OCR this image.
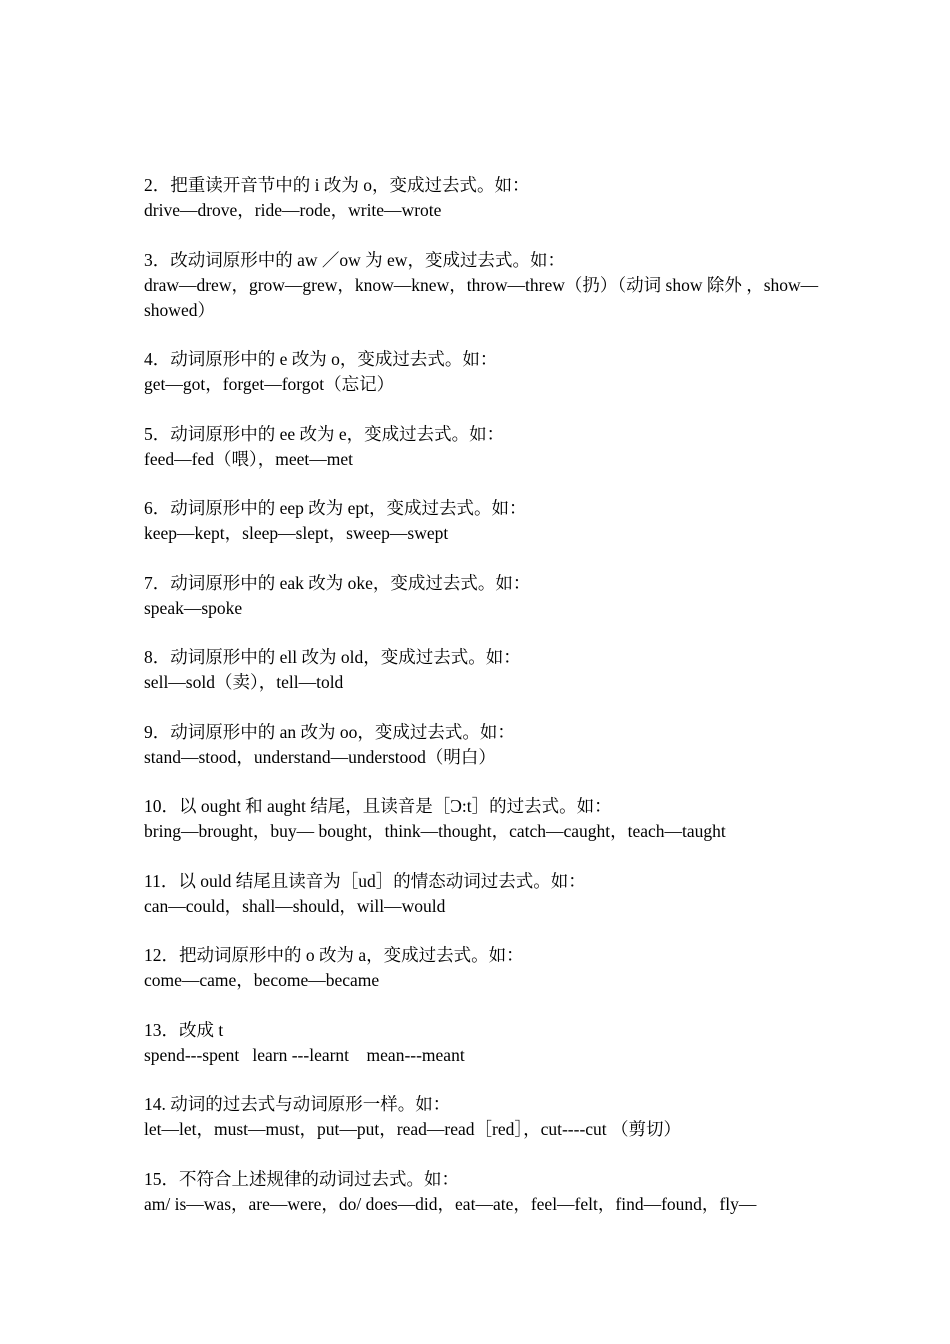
2．把重读开音节中的 i 改为 o，变成过去式。如：
drive—drove，ride—rode，write—wrote
3．改动词原形中的 aw ／ow 为 ew，变成过去式。如：
draw—drew，grow—grew，know—knew，throw—threw（扔）（动词 show 除外 ，show—showed）
4．动词原形中的 e 改为 o，变成过去式。如：
get—got，forget—forgot（忘记）
5．动词原形中的 ee 改为 e，变成过去式。如：
feed—fed（喂），meet—met
6．动词原形中的 eep 改为 ept，变成过去式。如：
keep—kept，sleep—slept，sweep—swept
7．动词原形中的 eak 改为 oke，变成过去式。如：
speak—spoke
8．动词原形中的 ell 改为 old，变成过去式。如：
sell—sold（卖），tell—told
9．动词原形中的 an 改为 oo，变成过去式。如：
stand—stood，understand—understood（明白）
10．以 ought 和 aught 结尾，且读音是［Ɔ:t］的过去式。如：
bring—brought，buy— bought，think—thought，catch—caught，teach—taught
11．以 ould 结尾且读音为［ud］的情态动词过去式。如：
can—could，shall—should，will—would
12．把动词原形中的 o 改为 a，变成过去式。如：
come—came，become—became
13．改成 t
spend---spent   learn ---learnt    mean---meant
14. 动词的过去式与动词原形一样。如：
let—let，must—must，put—put，read—read［red］，cut----cut （剪切）
15．不符合上述规律的动词过去式。如：
am/ is—was，are—were，do/ does—did，eat—ate，feel—felt，find—found，fly—
